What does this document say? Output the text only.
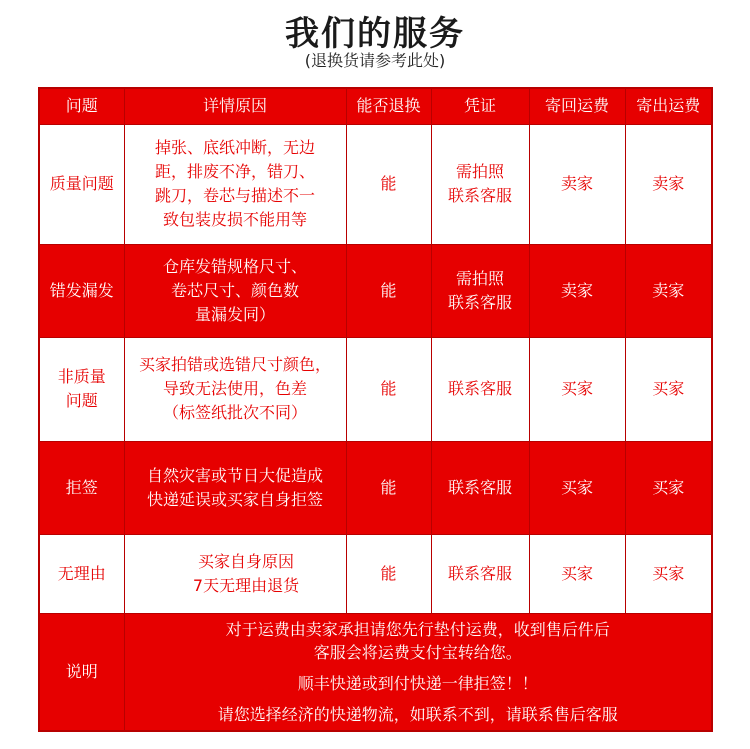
我们的服务
(退换货请参考此处)
问题	详情原因	能否退换	凭证	寄回运费	寄出运费
质量问题	掉张、底纸冲断，无边
距，排废不净，错刀、
跳刀，卷芯与描述不一
致包装皮损不能用等	能	需拍照
联系客服	卖家	卖家
错发漏发	仓库发错规格尺寸、
卷芯尺寸、颜色数
量漏发同）	能	需拍照
联系客服	卖家	卖家

非质量
问题	买家拍错或选错尺寸颜色，
导致无法使用，色差
（标签纸批次不同）	能	联系客服	买家	买家
拒签	自然灾害或节日大促造成
快递延误或买家自身拒签	能	联系客服	买家	买家
无理由	买家自身原因
7天无理由退货	能	联系客服	买家	买家
说明	对于运费由卖家承担请您先行垫付运费，收到售后件后
客服会将运费支付宝转给您。
顺丰快递或到付快递一律拒签！！
请您选择经济的快递物流，如联系不到，请联系售后客服				
